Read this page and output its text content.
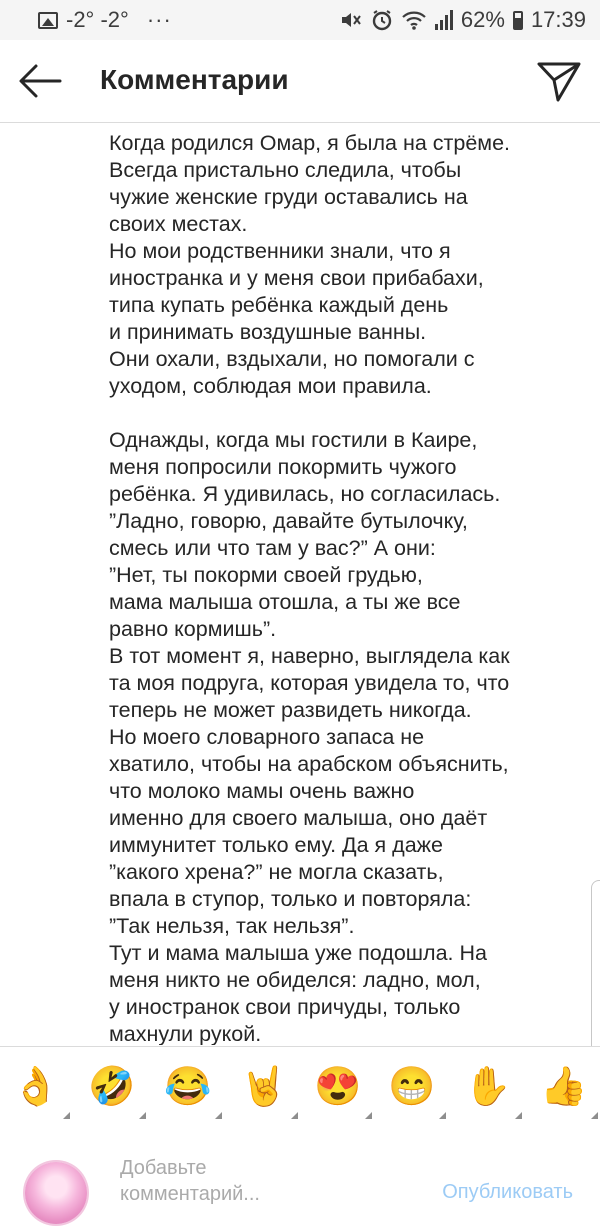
-2° -2° ···	62% 17:39
Комментарии
Когда родился Омар, я была на стрёме.
Всегда пристально следила, чтобы
чужие женские груди оставались на
своих местах.
Но мои родственники знали, что я
иностранка и у меня свои прибабахи,
типа купать ребёнка каждый день
и принимать воздушные ванны.
Они охали, вздыхали, но помогали с
уходом, соблюдая мои правила.

Однажды, когда мы гостили в Каире,
меня попросили покормить чужого
ребёнка. Я удивилась, но согласилась.
”Ладно, говорю, давайте бутылочку,
смесь или что там у вас?” А они:
”Нет, ты покорми своей грудью,
мама малыша отошла, а ты же все
равно кормишь”.
В тот момент я, наверно, выглядела как
та моя подруга, которая увидела то, что
теперь не может развидеть никогда.
Но моего словарного запаса не
хватило, чтобы на арабском объяснить,
что молоко мамы очень важно
именно для своего малыша, оно даёт
иммунитет только ему. Да я даже
”какого хрена?” не могла сказать,
впала в ступор, только и повторяла:
”Так нельзя, так нельзя”.
Тут и мама малыша уже подошла. На
меня никто не обиделся: ладно, мол,
у иностранок свои причуды, только
махнули рукой.
👌 🤣 😂 🤘 😍 😁 ✋ 👍
Добавьте комментарий...
Опубликовать
